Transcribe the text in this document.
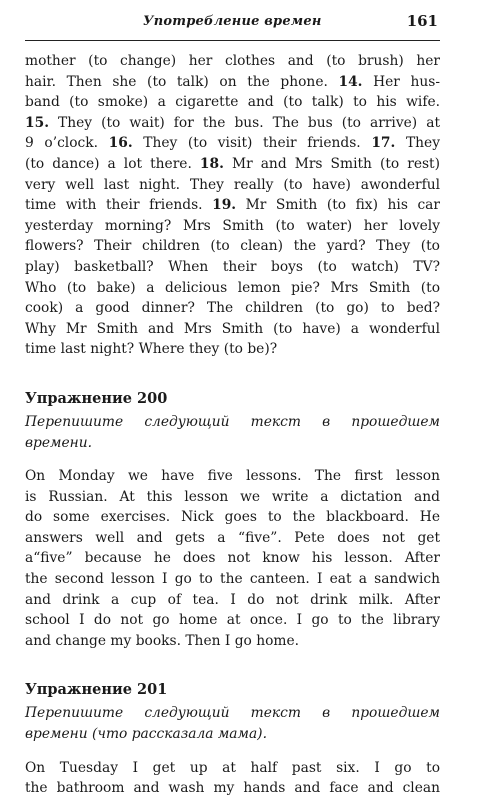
Употребление времен	161
mother (to change) her clothes and (to brush) her
hair. Then she (to talk) on the phone. 14. Her hus-
band (to smoke) a cigarette and (to talk) to his wife.
15. They (to wait) for the bus. The bus (to arrive) at
9 o’clock. 16. They (to visit) their friends. 17. They
(to dance) a lot there. 18. Mr and Mrs Smith (to rest)
very well last night. They really (to have) awonderful
time with their friends. 19. Mr Smith (to fix) his car
yesterday morning? Mrs Smith (to water) her lovely
flowers? Their children (to clean) the yard? They (to
play) basketball? When their boys (to watch) TV?
Who (to bake) a delicious lemon pie? Mrs Smith (to
cook) a good dinner? The children (to go) to bed?
Why Mr Smith and Mrs Smith (to have) a wonderful
time last night? Where they (to be)?
Упражнение 200
Перепишите следующий текст в прошедшем
времени.
On Monday we have five lessons. The first lesson
is Russian. At this lesson we write a dictation and
do some exercises. Nick goes to the blackboard. He
answers well and gets a “five”. Pete does not get
a“five” because he does not know his lesson. After
the second lesson I go to the canteen. I eat a sandwich
and drink a cup of tea. I do not drink milk. After
school I do not go home at once. I go to the library
and change my books. Then I go home.
Упражнение 201
Перепишите следующий текст в прошедшем
времени (что рассказала мама).
On Tuesday I get up at half past six. I go to
the bathroom and wash my hands and face and clean
